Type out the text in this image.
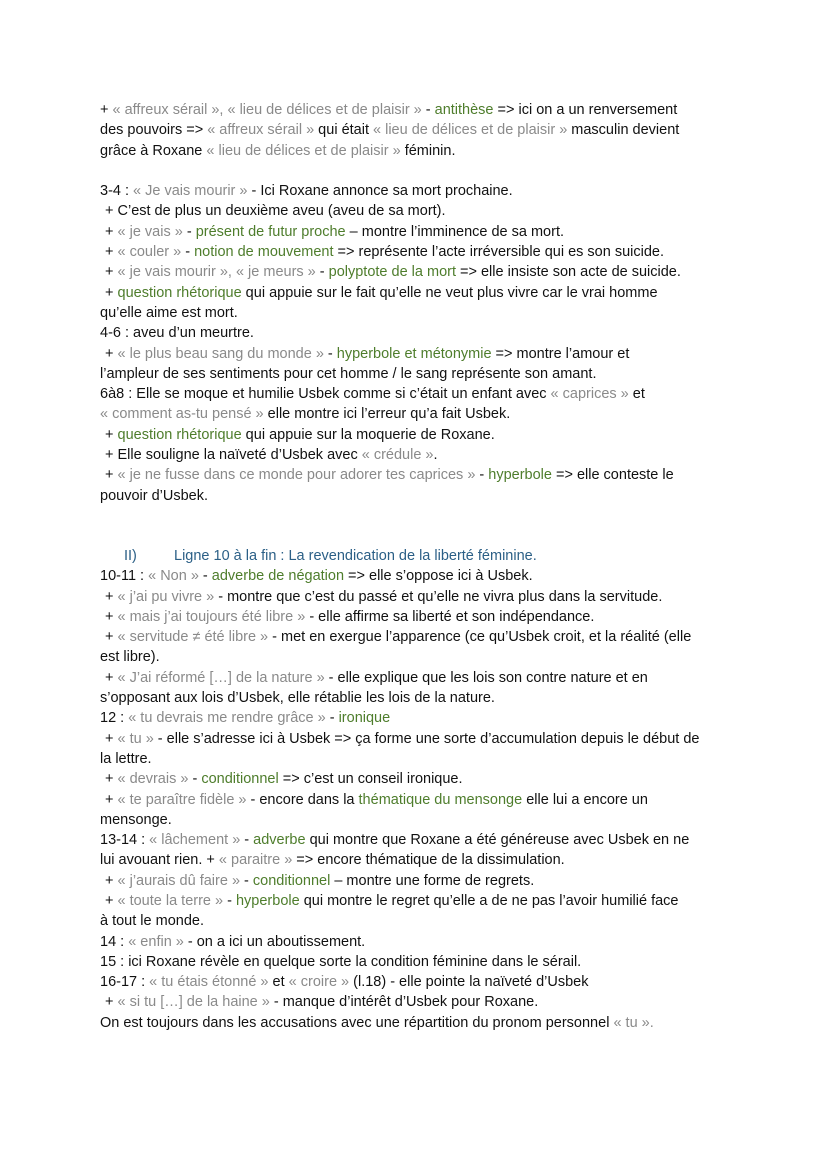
+ « affreux sérail », « lieu de délices et de plaisir » - antithèse => ici on a un renversement
des pouvoirs => « affreux sérail » qui était « lieu de délices et de plaisir » masculin devient
grâce à Roxane « lieu de délices et de plaisir » féminin.
3-4 : « Je vais mourir » - Ici Roxane annonce sa mort prochaine.
+ C’est de plus un deuxième aveu (aveu de sa mort).
+ « je vais » - présent de futur proche – montre l’imminence de sa mort.
+ « couler » - notion de mouvement => représente l’acte irréversible qui es son suicide.
+ « je vais mourir », « je meurs » - polyptote de la mort => elle insiste son acte de suicide.
+ question rhétorique qui appuie sur le fait qu’elle ne veut plus vivre car le vrai homme
qu’elle aime est mort.
4-6 : aveu d’un meurtre.
+ « le plus beau sang du monde » - hyperbole et métonymie => montre l’amour et
l’ampleur de ses sentiments pour cet homme / le sang représente son amant.
6à8 : Elle se moque et humilie Usbek comme si c’était un enfant avec « caprices » et
« comment as-tu pensé » elle montre ici l’erreur qu’a fait Usbek.
+ question rhétorique qui appuie sur la moquerie de Roxane.
+ Elle souligne la naïveté d’Usbek avec « crédule ».
+ « je ne fusse dans ce monde pour adorer tes caprices » - hyperbole => elle conteste le
pouvoir d’Usbek.
II)	Ligne 10 à la fin : La revendication de la liberté féminine.
10-11 : « Non » - adverbe de négation => elle s’oppose ici à Usbek.
+ « j’ai pu vivre » - montre que c’est du passé et qu’elle ne vivra plus dans la servitude.
+ « mais j’ai toujours été libre » - elle affirme sa liberté et son indépendance.
+ « servitude ≠ été libre » - met en exergue l’apparence (ce qu’Usbek croit, et la réalité (elle
est libre).
+ « J’ai réformé […] de la nature » - elle explique que les lois son contre nature et en
s’opposant aux lois d’Usbek, elle rétablie les lois de la nature.
12 : « tu devrais me rendre grâce » - ironique
+ « tu » - elle s’adresse ici à Usbek => ça forme une sorte d’accumulation depuis le début de
la lettre.
+ « devrais » - conditionnel => c’est un conseil ironique.
+ « te paraître fidèle » - encore dans la thématique du mensonge elle lui a encore un
mensonge.
13-14 : « lâchement » - adverbe qui montre que Roxane a été généreuse avec Usbek en ne
lui avouant rien. + « paraitre » => encore thématique de la dissimulation.
+ « j’aurais dû faire » - conditionnel – montre une forme de regrets.
+ « toute la terre » - hyperbole qui montre le regret qu’elle a de ne pas l’avoir humilié face
à tout le monde.
14 : « enfin » - on a ici un aboutissement.
15 : ici Roxane révèle en quelque sorte la condition féminine dans le sérail.
16-17 : « tu étais étonné » et « croire » (l.18) - elle pointe la naïveté d’Usbek
+ « si tu […] de la haine » - manque d’intérêt d’Usbek pour Roxane.
On est toujours dans les accusations avec une répartition du pronom personnel « tu ».
